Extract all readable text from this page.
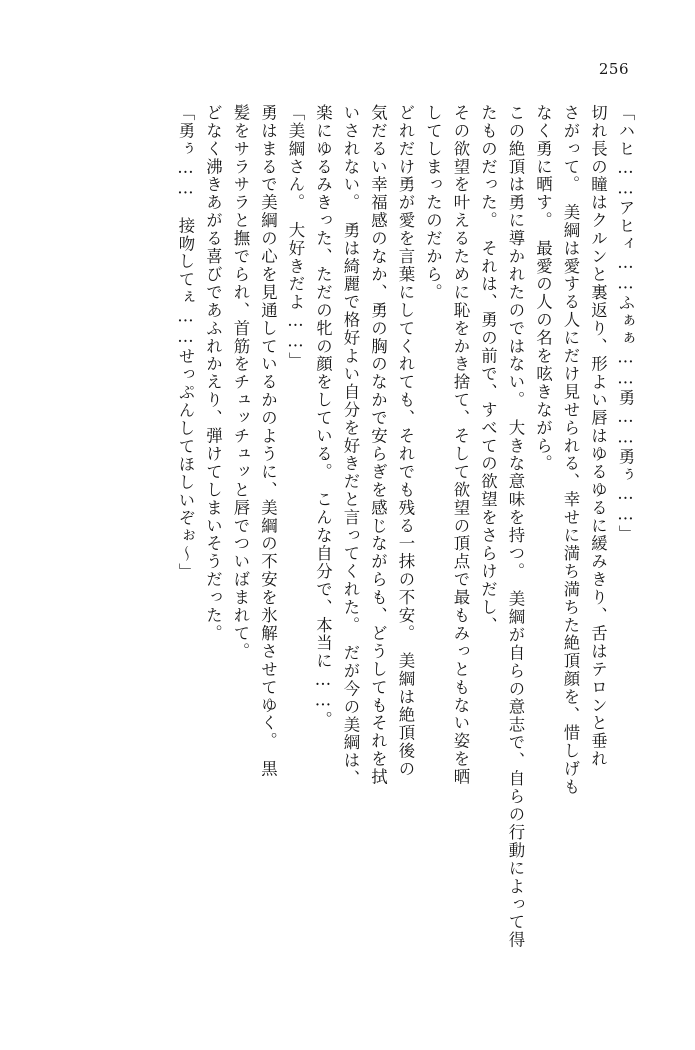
256
「ハヒ……アヒィ……ふぁぁ……勇……勇ぅ……」
切れ長の瞳はクルンと裏返り、形よい唇はゆるゆるに緩みきり、舌はテロンと垂れ
さがって。　美綱は愛する人にだけ見せられる、幸せに満ち満ちた絶頂顔を、惜しげも
なく勇に晒す。　最愛の人の名を呟きながら。
この絶頂は勇に導かれたのではない。　大きな意味を持つ。　美綱が自らの意志で、自らの行動によって得
たものだった。　それは、勇の前で、すべての欲望をさらけだし、
その欲望を叶えるために恥をかき捨て、そして欲望の頂点で最もみっともない姿を晒
してしまったのだから。
どれだけ勇が愛を言葉にしてくれても、それでも残る一抹の不安。　美綱は絶頂後の
気だるい幸福感のなか、勇の胸のなかで安らぎを感じながらも、どうしてもそれを拭
いされない。　勇は綺麗で格好よい自分を好きだと言ってくれた。　だが今の美綱は、
楽にゆるみきった、ただの牝の顔をしている。　こんな自分で、本当に……。
「美綱さん。　大好きだよ……」
勇はまるで美綱の心を見通しているかのように、美綱の不安を氷解させてゆく。　黒
髪をサラサラと撫でられ、首筋をチュッチュッと唇でついばまれて。
どなく沸きあがる喜びであふれかえり、弾けてしまいそうだった。
「勇ぅ……　接吻してぇ……せっぷんしてほしいぞぉ～」
